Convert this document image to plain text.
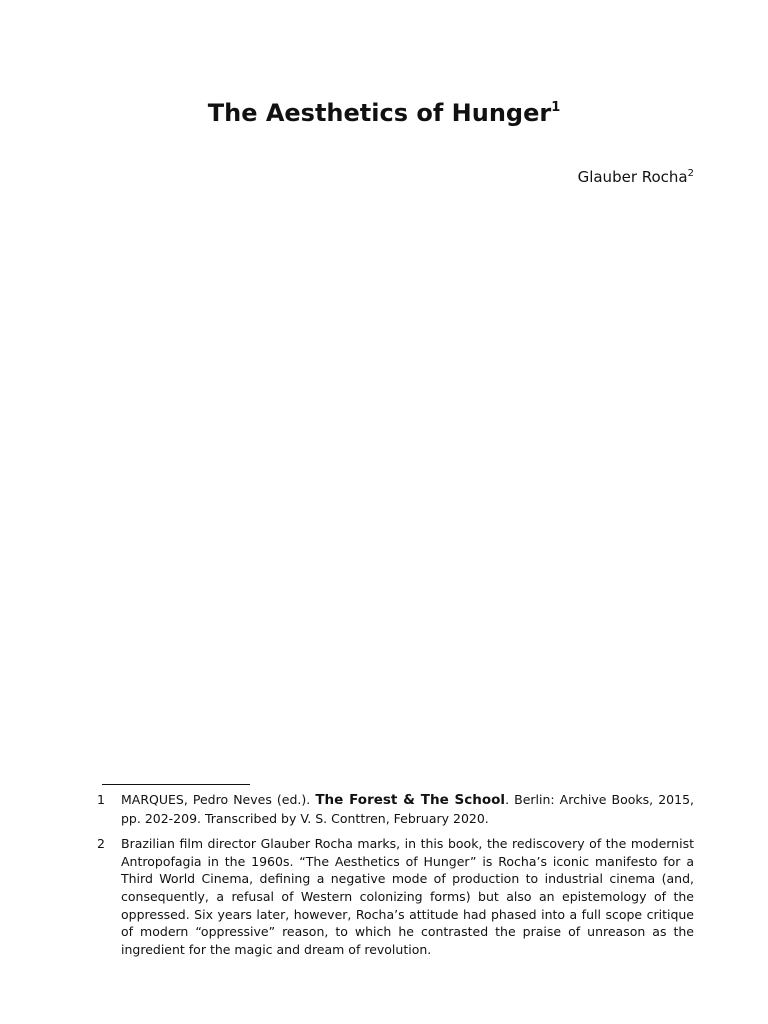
The Aesthetics of Hunger$^1$
Glauber Rocha$^2$
1 MARQUES, Pedro Neves (ed.). The Forest & The School. Berlin: Archive Books, 2015, pp. 202-209. Transcribed by V. S. Conttren, February 2020.
2 Brazilian film director Glauber Rocha marks, in this book, the rediscovery of the modernist Antropofagia in the 1960s. “The Aesthetics of Hunger” is Rocha’s iconic manifesto for a Third World Cinema, defining a negative mode of production to industrial cinema (and, consequently, a refusal of Western colonizing forms) but also an epistemology of the oppressed. Six years later, however, Rocha’s attitude had phased into a full scope critique of modern “oppressive” reason, to which he contrasted the praise of unreason as the ingredient for the magic and dream of revolution.
